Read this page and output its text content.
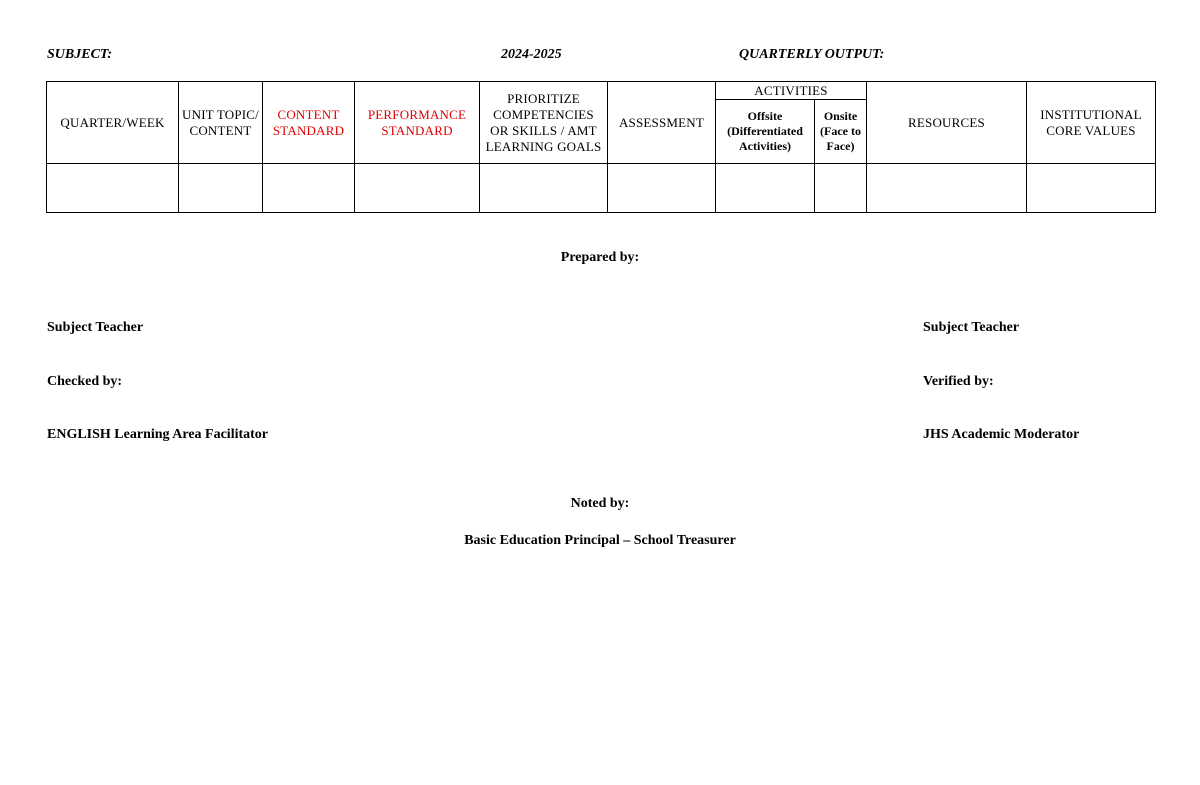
SUBJECT:	2024-2025	QUARTERLY OUTPUT:
QUARTER/WEEK	UNIT TOPIC/ CONTENT	CONTENT STANDARD	PERFORMANCE STANDARD	PRIORITIZE COMPETENCIES OR SKILLS / AMT LEARNING GOALS	ASSESSMENT	ACTIVITIES		RESOURCES	INSTITUTIONAL CORE VALUES
						Offsite (Differentiated Activities)	Onsite (Face to Face)		

Prepared by:
Subject Teacher	Subject Teacher
Checked by:	Verified by:
ENGLISH Learning Area Facilitator	JHS Academic Moderator
Noted by:
Basic Education Principal – School Treasurer
